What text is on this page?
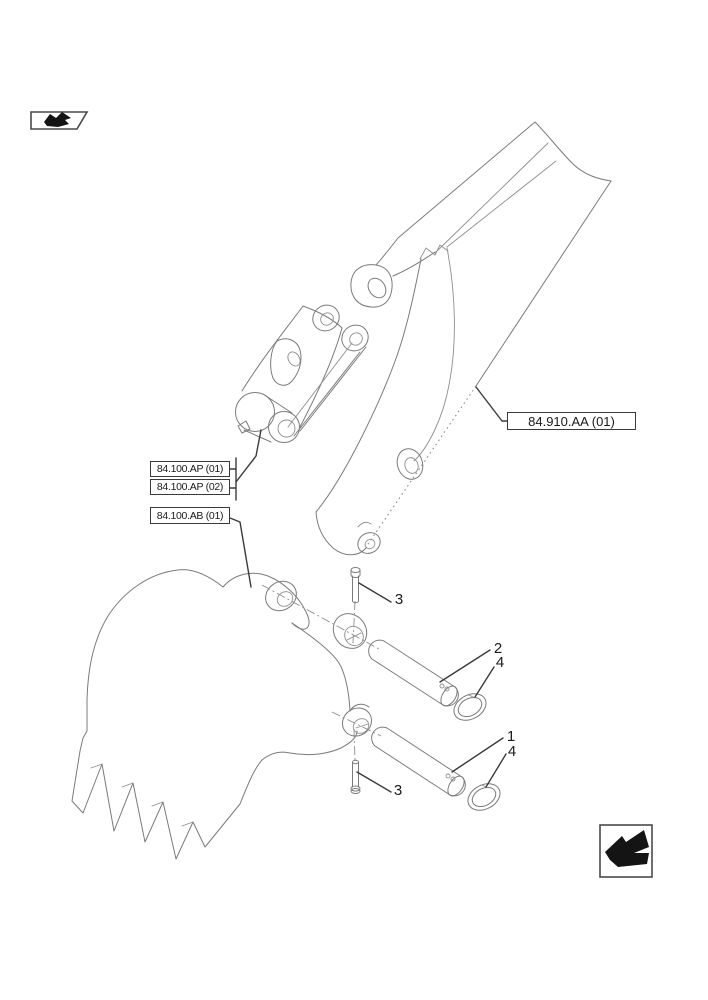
84.100.AP (01)
84.100.AP (02)
84.100.AB (01)
84.910.AA (01)
3
2
4
1
4
3
